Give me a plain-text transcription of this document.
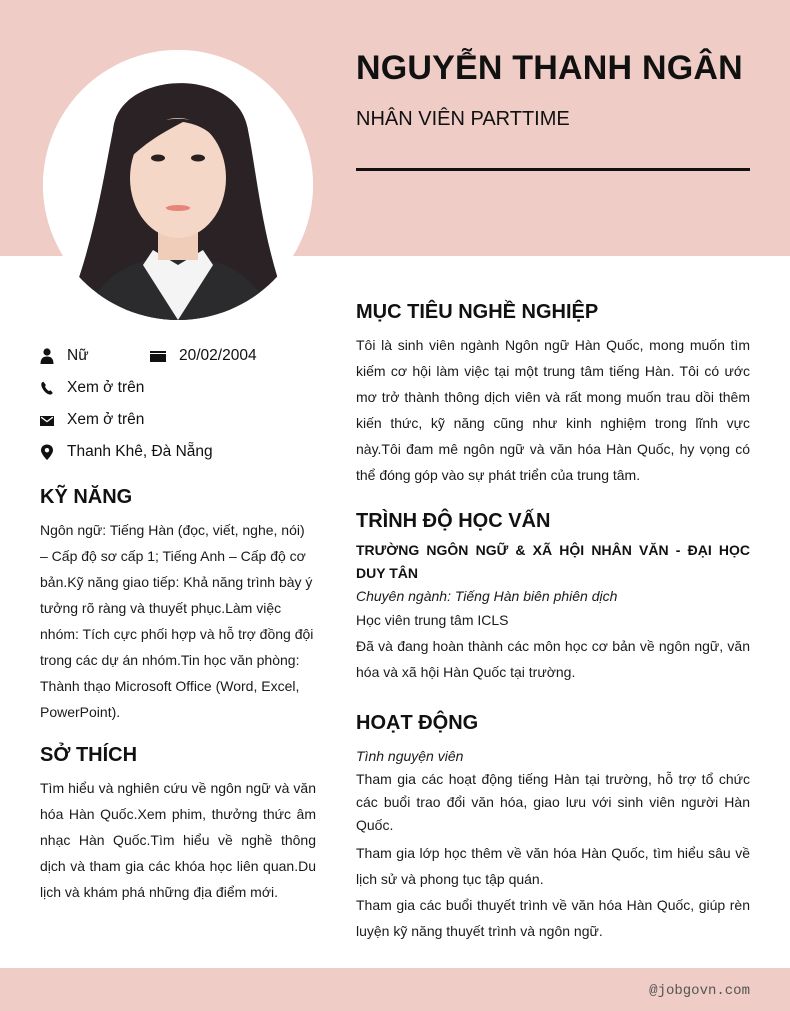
NGUYỄN THANH NGÂN
NHÂN VIÊN PARTTIME
Nữ	20/02/2004
Xem ở trên
Xem ở trên
Thanh Khê, Đà Nẵng
KỸ NĂNG

Ngôn ngữ: Tiếng Hàn (đọc, viết, nghe, nói) – Cấp độ sơ cấp 1; Tiếng Anh – Cấp độ cơ bản.Kỹ năng giao tiếp: Khả năng trình bày ý tưởng rõ ràng và thuyết phục.Làm việc nhóm: Tích cực phối hợp và hỗ trợ đồng đội trong các dự án nhóm.Tin học văn phòng: Thành thạo Microsoft Office (Word, Excel, PowerPoint).

SỞ THÍCH

Tìm hiểu và nghiên cứu về ngôn ngữ và văn hóa Hàn Quốc.Xem phim, thưởng thức âm nhạc Hàn Quốc.Tìm hiểu về nghề thông dịch và tham gia các khóa học liên quan.Du lịch và khám phá những địa điểm mới.

MỤC TIÊU NGHỀ NGHIỆP

Tôi là sinh viên ngành Ngôn ngữ Hàn Quốc, mong muốn tìm kiếm cơ hội làm việc tại một trung tâm tiếng Hàn. Tôi có ước mơ trở thành thông dịch viên và rất mong muốn trau dồi thêm kiến thức, kỹ năng cũng như kinh nghiệm trong lĩnh vực này.Tôi đam mê ngôn ngữ và văn hóa Hàn Quốc, hy vọng có thể đóng góp vào sự phát triển của trung tâm.

TRÌNH ĐỘ HỌC VẤN
TRƯỜNG NGÔN NGỮ & XÃ HỘI NHÂN VĂN - ĐẠI HỌC DUY TÂN
Chuyên ngành: Tiếng Hàn biên phiên dịch
Học viên trung tâm ICLS

Đã và đang hoàn thành các môn học cơ bản về ngôn ngữ, văn hóa và xã hội Hàn Quốc tại trường.

HOẠT ĐỘNG
Tình nguyện viên

Tham gia các hoạt động tiếng Hàn tại trường, hỗ trợ tổ chức các buổi trao đổi văn hóa, giao lưu với sinh viên người Hàn Quốc.

Tham gia lớp học thêm về văn hóa Hàn Quốc, tìm hiểu sâu về lịch sử và phong tục tập quán.

Tham gia các buổi thuyết trình về văn hóa Hàn Quốc, giúp rèn luyện kỹ năng thuyết trình và ngôn ngữ.

@jobgovn.com
